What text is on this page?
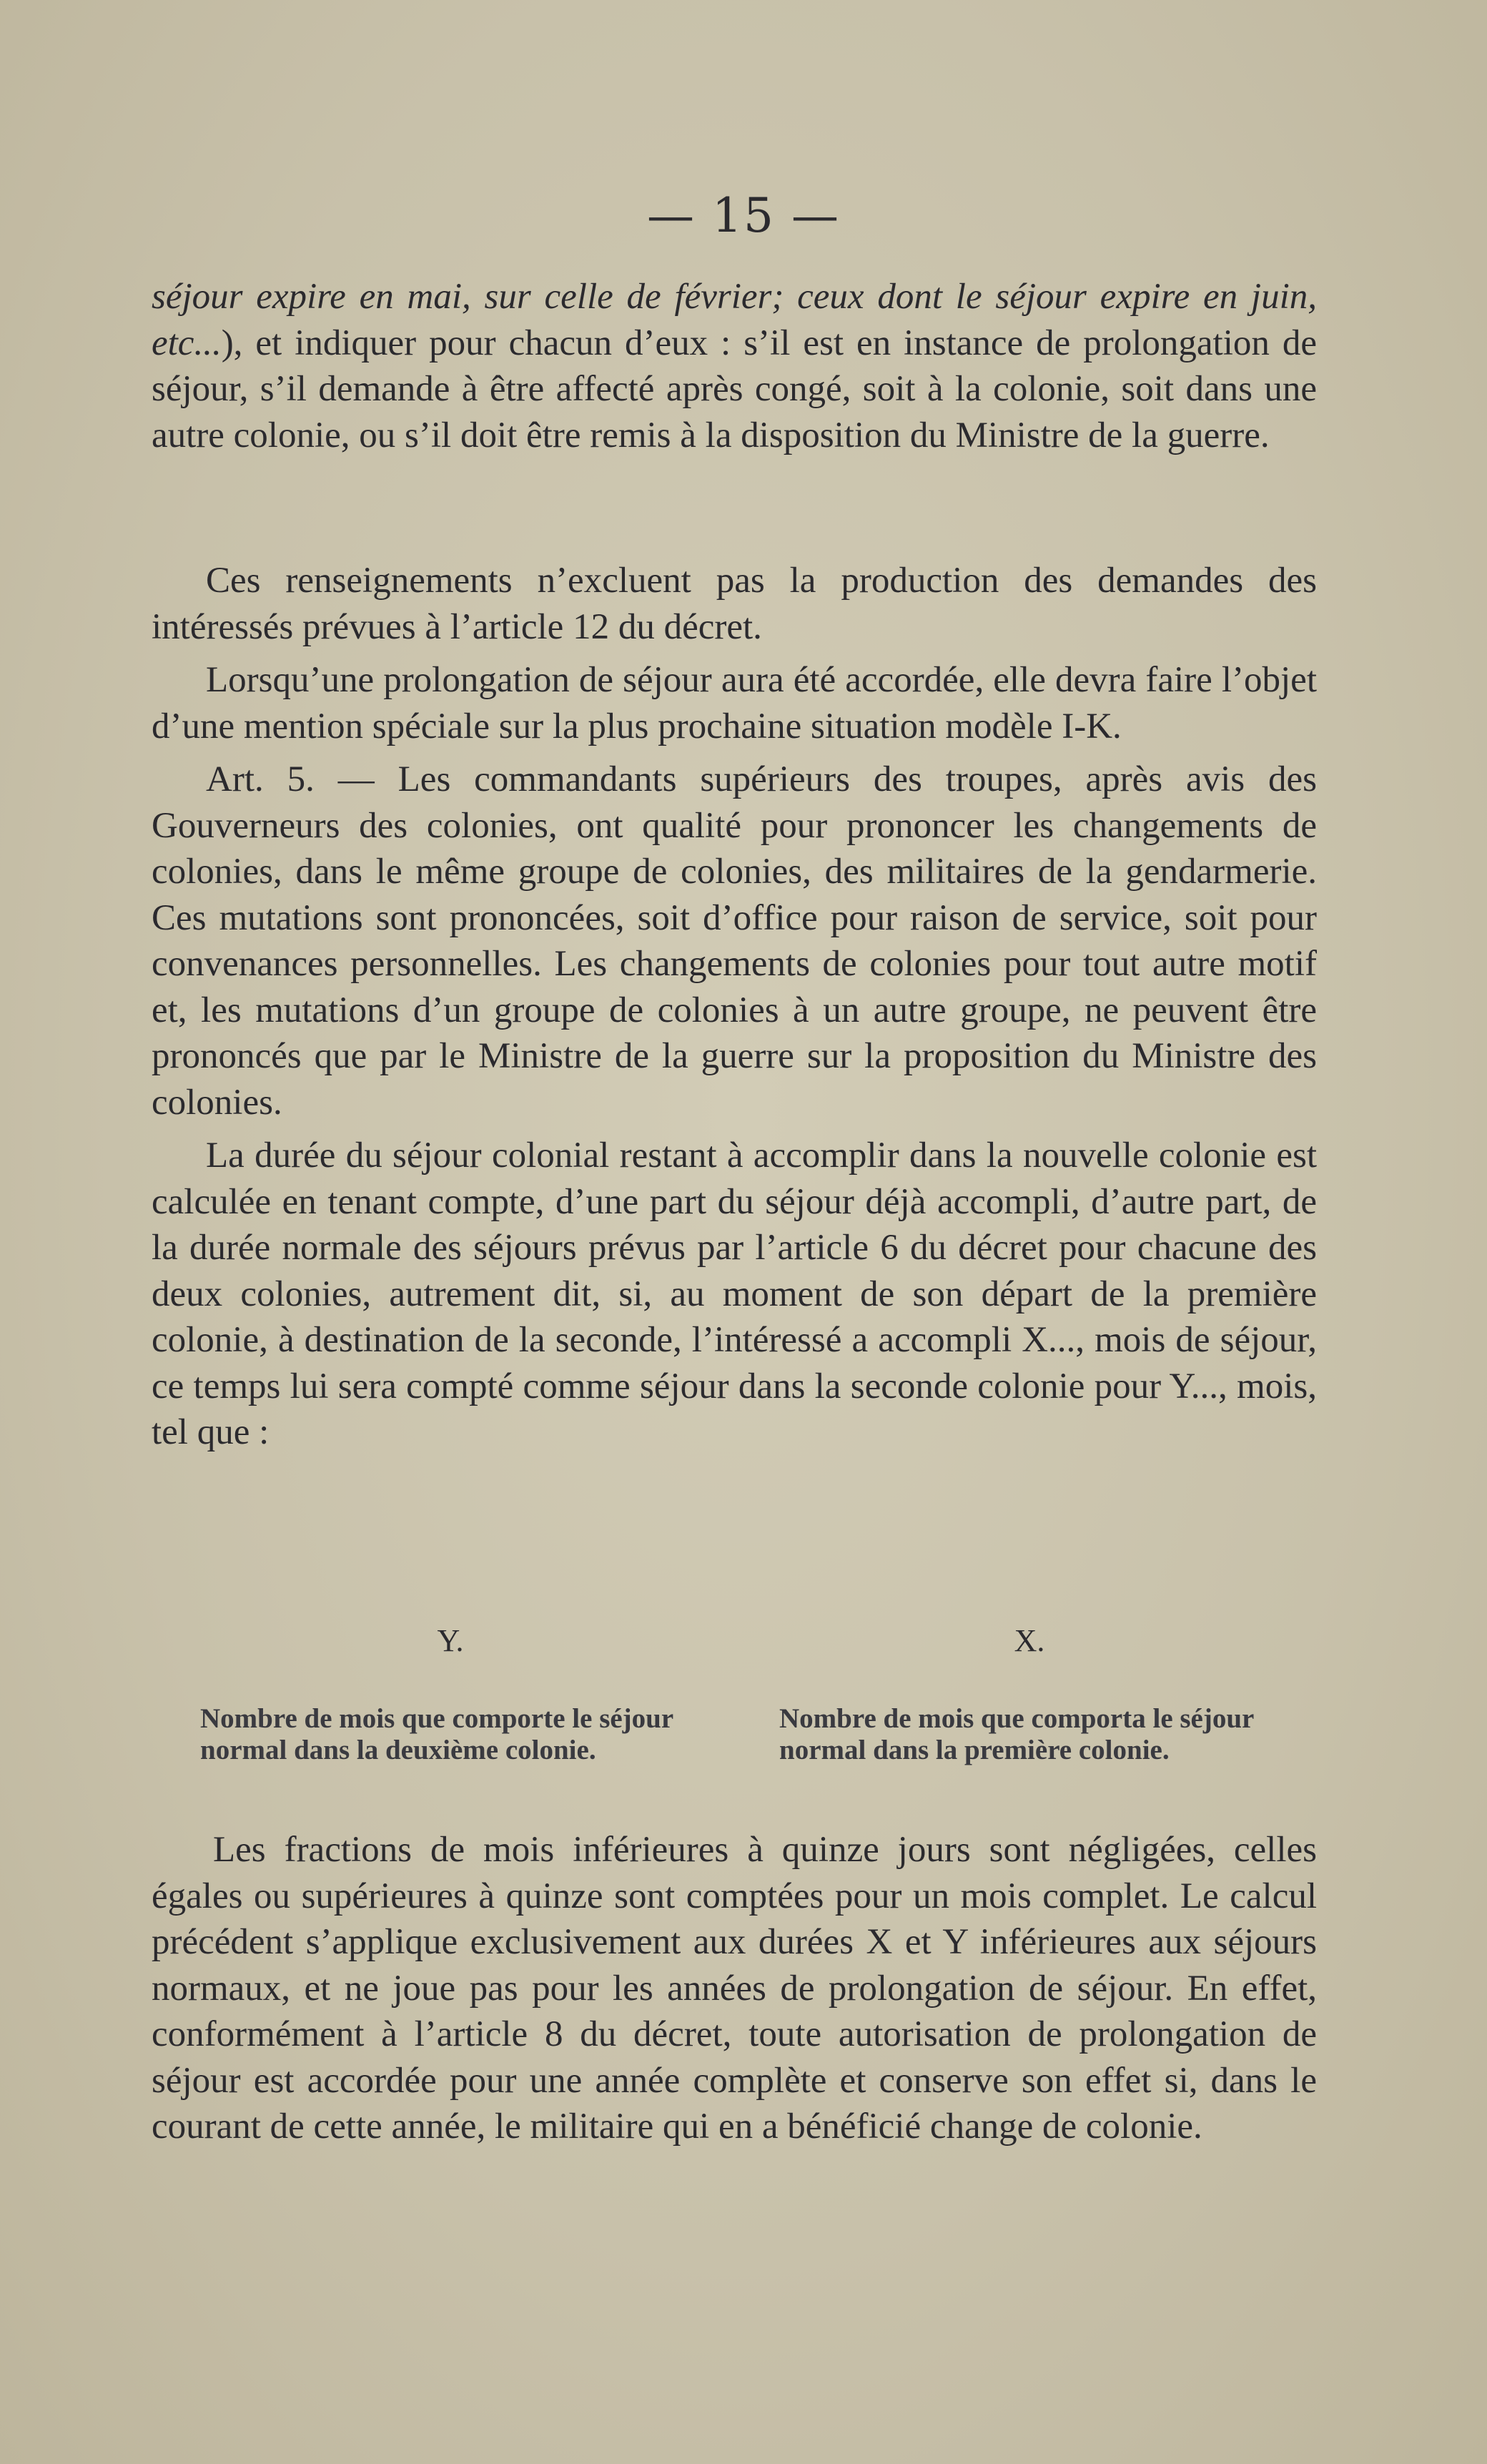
— 15 —

séjour expire en mai, sur celle de février; ceux dont le séjour expire en juin, etc...), et indiquer pour chacun d’eux : s’il est en instance de prolongation de séjour, s’il demande à être affecté après congé, soit à la colonie, soit dans une autre colonie, ou s’il doit être remis à la disposition du Ministre de la guerre.

Ces renseignements n’excluent pas la production des demandes des intéressés prévues à l’article 12 du décret.

Lorsqu’une prolongation de séjour aura été accordée, elle devra faire l’objet d’une mention spéciale sur la plus prochaine situation modèle I-K.

Art. 5. — Les commandants supérieurs des troupes, après avis des Gouverneurs des colonies, ont qualité pour prononcer les changements de colonies, dans le même groupe de colonies, des militaires de la gendarmerie. Ces mutations sont prononcées, soit d’office pour raison de service, soit pour convenances personnelles. Les changements de colonies pour tout autre motif et, les mutations d’un groupe de colonies à un autre groupe, ne peuvent être prononcés que par le Ministre de la guerre sur la proposition du Ministre des colonies.

La durée du séjour colonial restant à accomplir dans la nouvelle colonie est calculée en tenant compte, d’une part du séjour déjà accompli, d’autre part, de la durée normale des séjours prévus par l’article 6 du décret pour chacune des deux colonies, autrement dit, si, au moment de son départ de la première colonie, à destination de la seconde, l’intéressé a accompli X..., mois de séjour, ce temps lui sera compté comme séjour dans la seconde colonie pour Y..., mois, tel que :

Y.
Nombre de mois que comporte le séjour normal dans la deuxième colonie.
X.
Nombre de mois que comporta le séjour normal dans la première colonie.

Les fractions de mois inférieures à quinze jours sont négligées, celles égales ou supérieures à quinze sont comptées pour un mois complet. Le calcul précédent s’applique exclusivement aux durées X et Y inférieures aux séjours normaux, et ne joue pas pour les années de prolongation de séjour. En effet, conformément à l’article 8 du décret, toute autorisation de prolongation de séjour est accordée pour une année complète et conserve son effet si, dans le courant de cette année, le militaire qui en a bénéficié change de colonie.
